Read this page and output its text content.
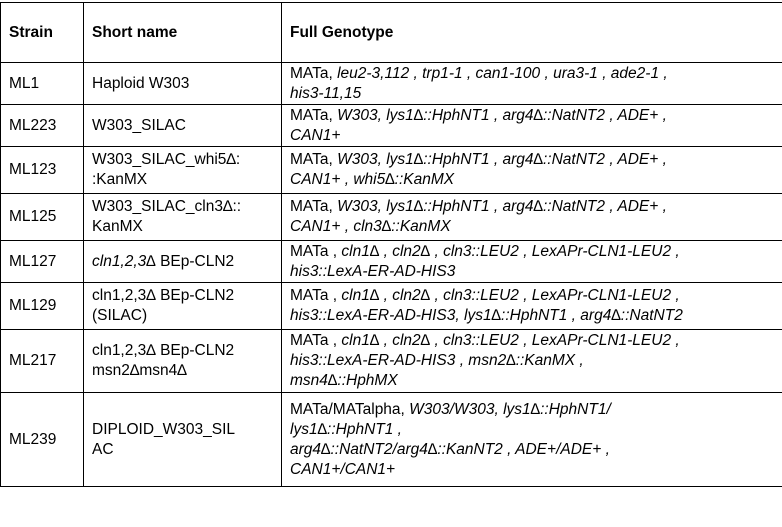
Strain	Short name	Full Genotype
ML1	Haploid W303	MATa, leu2-3,112 , trp1-1 , can1-100 , ura3-1 , ade2-1 ,
his3-11,15

ML223	W303_SILAC	MATa, W303, lys1∆::HphNT1 , arg4∆::NatNT2 , ADE+ ,
CAN1+

ML123	W303_SILAC_whi5∆:
:KanMX	MATa, W303, lys1∆::HphNT1 , arg4∆::NatNT2 , ADE+ ,
CAN1+ , whi5∆::KanMX

ML125	W303_SILAC_cln3∆::
KanMX	MATa, W303, lys1∆::HphNT1 , arg4∆::NatNT2 , ADE+ ,
CAN1+ , cln3∆::KanMX

ML127	cln1,2,3∆ BEp-CLN2	MATa , cln1∆ , cln2∆ , cln3::LEU2 , LexAPr-CLN1-LEU2 ,
his3::LexA-ER-AD-HIS3

ML129	cln1,2,3∆ BEp-CLN2
(SILAC)	MATa , cln1∆ , cln2∆ , cln3::LEU2 , LexAPr-CLN1-LEU2 ,
his3::LexA-ER-AD-HIS3, lys1∆::HphNT1 , arg4∆::NatNT2

ML217	cln1,2,3∆ BEp-CLN2
msn2∆msn4∆	MATa , cln1∆ , cln2∆ , cln3::LEU2 , LexAPr-CLN1-LEU2 ,
his3::LexA-ER-AD-HIS3 , msn2∆::KanMX ,
msn4∆::HphMX

ML239	DIPLOID_W303_SIL
AC	MATa/MATalpha, W303/W303, lys1∆::HphNT1/
lys1∆::HphNT1 ,
arg4∆::NatNT2/arg4∆::KanNT2 , ADE+/ADE+ ,
CAN1+/CAN1+
